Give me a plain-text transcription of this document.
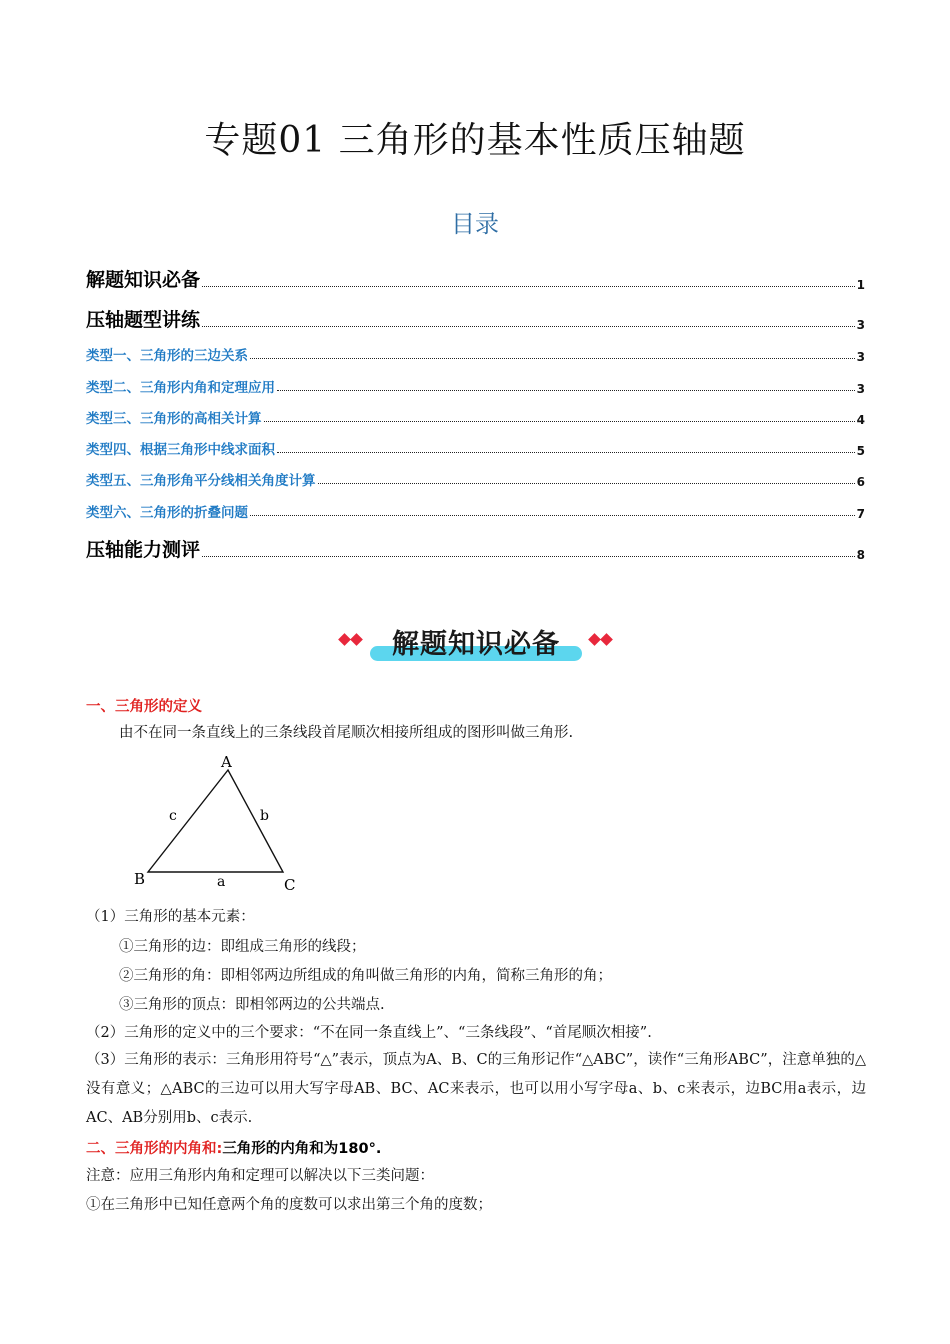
专题01 三角形的基本性质压轴题
目录
解题知识必备	1
压轴题型讲练	3
类型一、三角形的三边关系	3
类型二、三角形内角和定理应用	3
类型三、三角形的高相关计算	4
类型四、根据三角形中线求面积	5
类型五、三角形角平分线相关角度计算	6
类型六、三角形的折叠问题	7
压轴能力测评	8
解题知识必备
一、三角形的定义
由不在同一条直线上的三条线段首尾顺次相接所组成的图形叫做三角形.
A
B	C
c	b
a
（1）三角形的基本元素：
①三角形的边：即组成三角形的线段；
②三角形的角：即相邻两边所组成的角叫做三角形的内角，简称三角形的角；
③三角形的顶点：即相邻两边的公共端点.
（2）三角形的定义中的三个要求：“不在同一条直线上”、“三条线段”、“首尾顺次相接”.
（3）三角形的表示：三角形用符号“△”表示，顶点为A、B、C的三角形记作“△ABC”，读作“三角形ABC”，注意单独的△没有意义；△ABC的三边可以用大写字母AB、BC、AC来表示，也可以用小写字母a、b、c来表示，边BC用a表示，边AC、AB分别用b、c表示.
二、三角形的内角和:三角形的内角和为180°.
注意：应用三角形内角和定理可以解决以下三类问题：
①在三角形中已知任意两个角的度数可以求出第三个角的度数；
